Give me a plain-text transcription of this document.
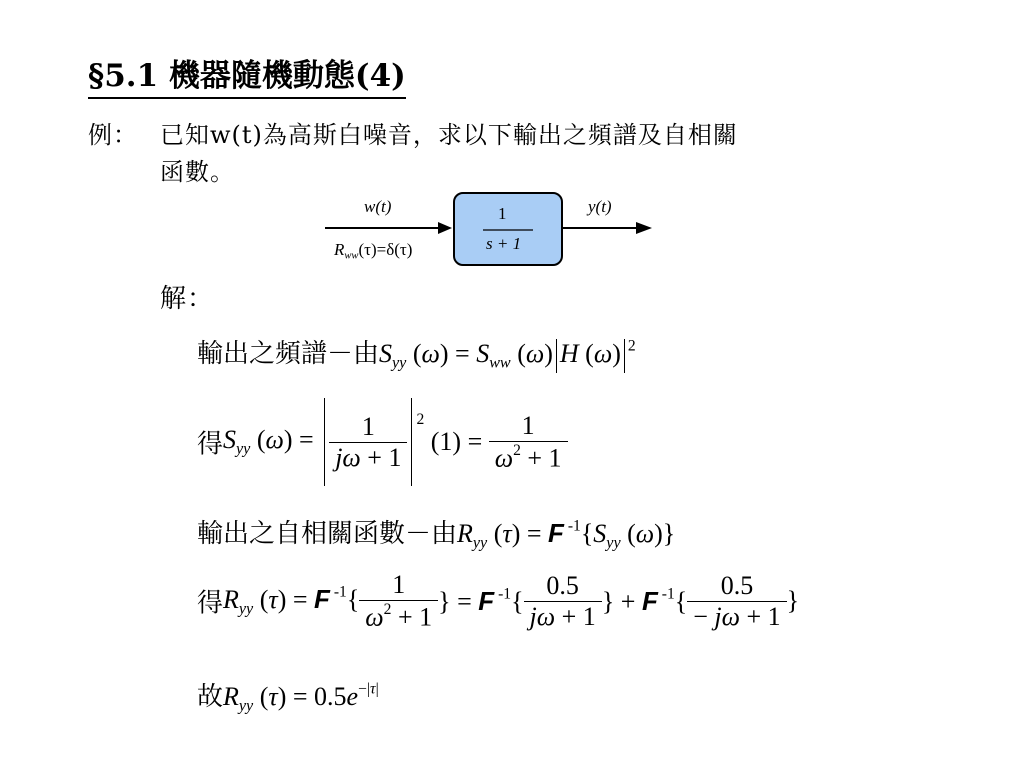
§5.1 機器隨機動態(4)
例： 已知w(t)為高斯白噪音，求以下輸出之頻譜及自相關
函數。
w(t)
$R_{ww}(\tau)=\delta(\tau)$
1
s + 1
y(t)
解：
輸出之頻譜－由$S_{yy}$ $(\omega) = S_{ww}$ (ω) H (ω) $^2$
得$S_{yy}$ $(\omega) = \frac{1}{j\omega + 1} ^2$ $(1) = \frac{1}{\omega^2 + 1}$
輸出之自相關函數－由$R_{yy}$ (τ) = F $^{-1}\{S_{yy}$ (ω)}
得$R_{yy}$ (τ) = F $^{-1}\{ \frac{1}{\omega^2 + 1}$ } = F $^{-1}\{ \frac{0.5}{j\omega + 1}$ } + F $^{-1}\{ \frac{0.5}{- j\omega + 1}$ }
故$R_{yy}$ $(\tau) = 0.5e^{-|\tau|}$
